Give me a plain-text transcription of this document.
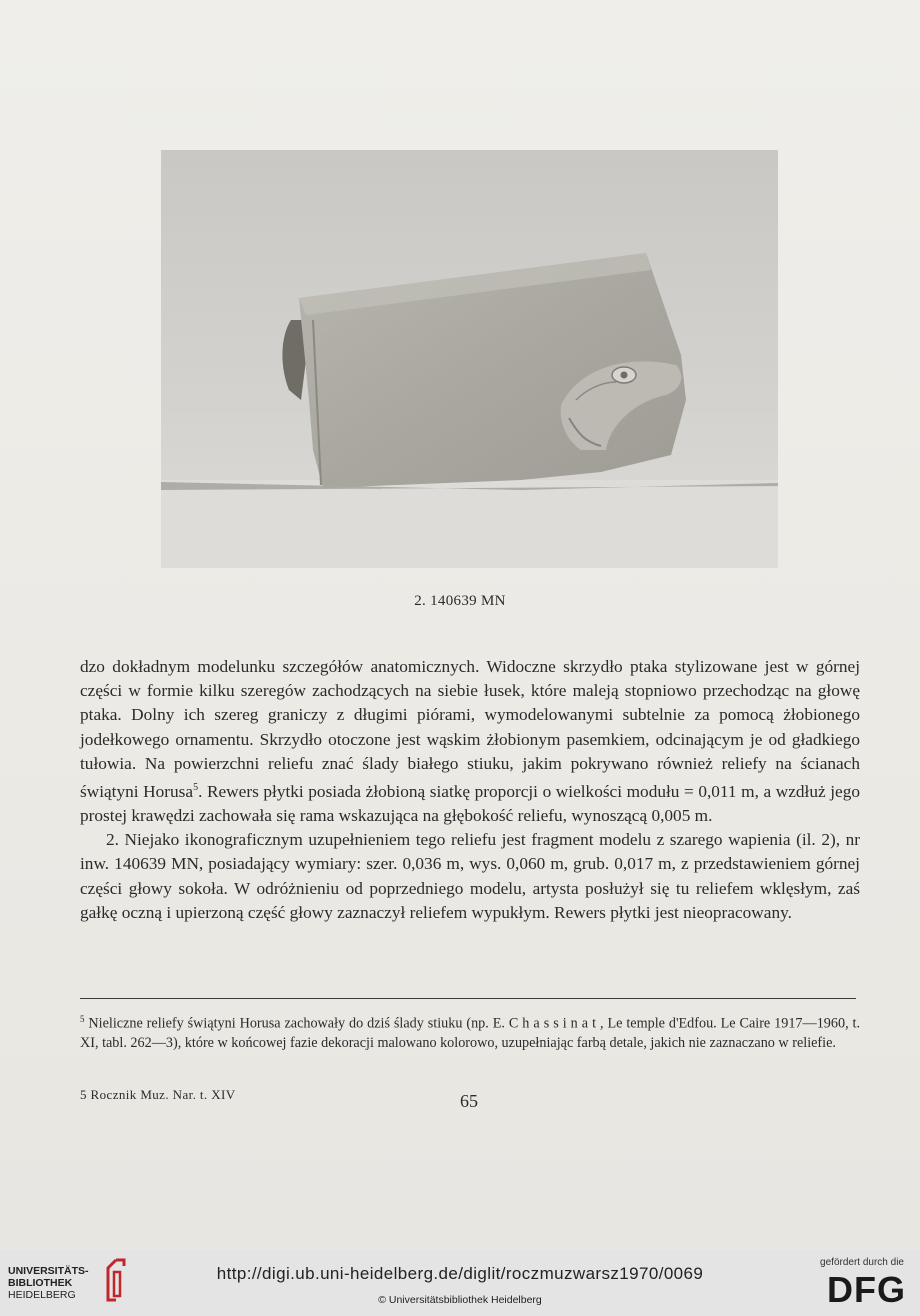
2. 140639 MN

dzo dokładnym modelunku szczegółów anatomicznych. Widoczne skrzydło ptaka stylizowane jest w górnej części w formie kilku szeregów zachodzących na siebie łusek, które maleją stopniowo przechodząc na głowę ptaka. Dolny ich szereg graniczy z długimi piórami, wymodelowanymi subtelnie za pomocą żłobionego jodełkowego ornamentu. Skrzydło otoczone jest wąskim żłobionym pasemkiem, odcinającym je od gładkiego tułowia. Na powierzchni reliefu znać ślady białego stiuku, jakim pokrywano również reliefy na ścianach świątyni Horusa$^5$. Rewers płytki posiada żłobioną siatkę proporcji o wielkości modułu = 0,011 m, a wzdłuż jego prostej krawędzi zachowała się rama wskazująca na głębokość reliefu, wynoszącą 0,005 m.

2. Niejako ikonograficznym uzupełnieniem tego reliefu jest fragment modelu z szarego wapienia (il. 2), nr inw. 140639 MN, posiadający wymiary: szer. 0,036 m, wys. 0,060 m, grub. 0,017 m, z przedstawieniem górnej części głowy sokoła. W odróżnieniu od poprzedniego modelu, artysta posłużył się tu reliefem wklęsłym, zaś gałkę oczną i upierzoną część głowy zaznaczył reliefem wypukłym. Rewers płytki jest nieopracowany.

$^5$ Nieliczne reliefy świątyni Horusa zachowały do dziś ślady stiuku (np. E. Chassinat, Le temple d'Edfou. Le Caire 1917—1960, t. XI, tabl. 262—3), które w końcowej fazie dekoracji malowano kolorowo, uzupełniając farbą detale, jakich nie zaznaczano w reliefie.
5 Rocznik Muz. Nar. t. XIV	65
UNIVERSITÄTS-
BIBLIOTHEK
HEIDELBERG
http://digi.ub.uni-heidelberg.de/diglit/roczmuzwarsz1970/0069
© Universitätsbibliothek Heidelberg
gefördert durch die
DFG
